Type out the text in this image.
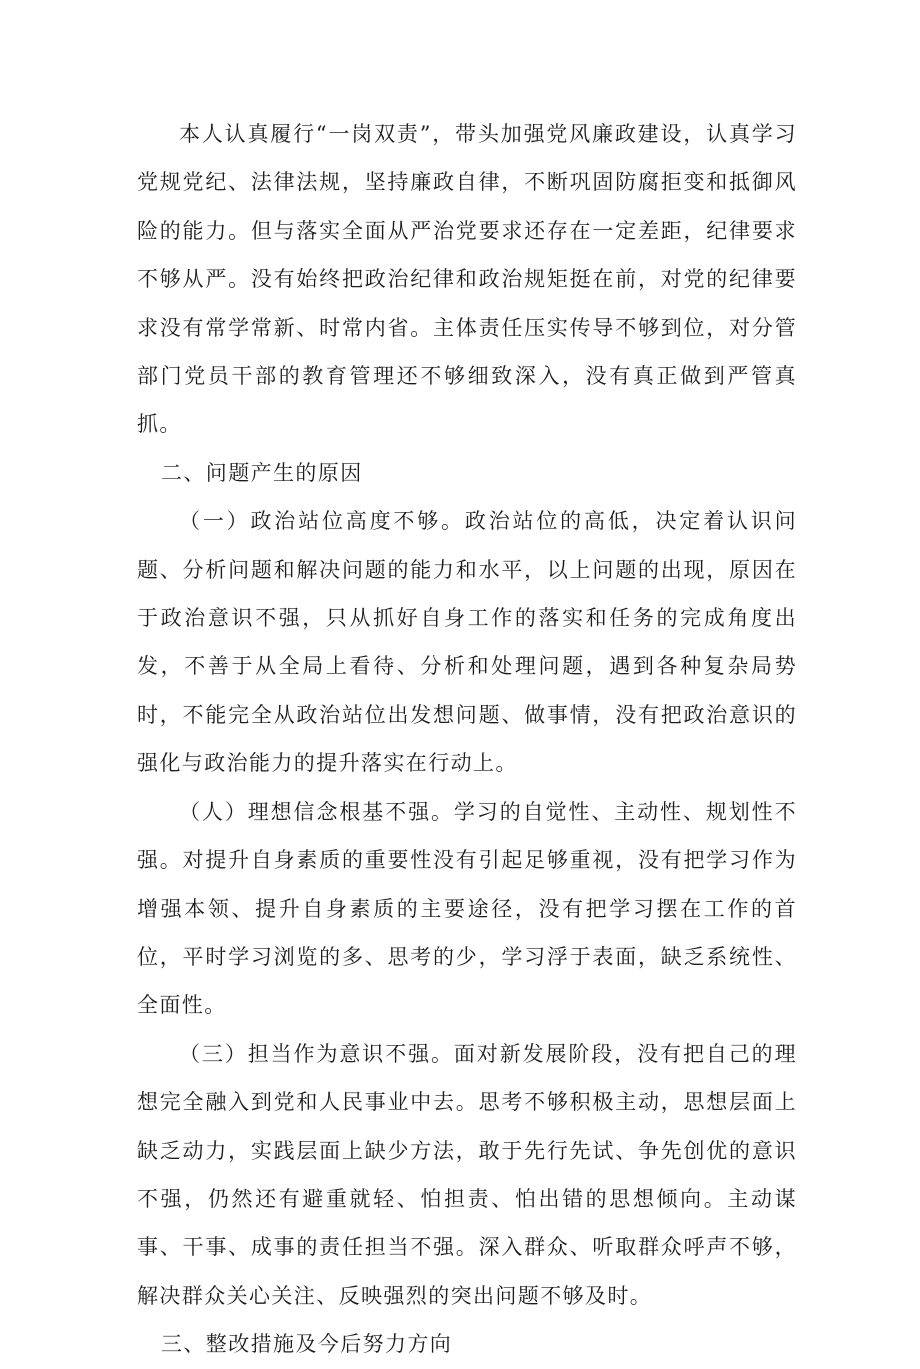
本人认真履行“一岗双责”，带头加强党风廉政建设，认真学习党规党纪、法律法规，坚持廉政自律，不断巩固防腐拒变和抵御风险的能力。但与落实全面从严治党要求还存在一定差距，纪律要求不够从严。没有始终把政治纪律和政治规矩挺在前，对党的纪律要求没有常学常新、时常内省。主体责任压实传导不够到位，对分管部门党员干部的教育管理还不够细致深入，没有真正做到严管真抓。

二、问题产生的原因

（一）政治站位高度不够。政治站位的高低，决定着认识问题、分析问题和解决问题的能力和水平，以上问题的出现，原因在于政治意识不强，只从抓好自身工作的落实和任务的完成角度出发，不善于从全局上看待、分析和处理问题，遇到各种复杂局势时，不能完全从政治站位出发想问题、做事情，没有把政治意识的强化与政治能力的提升落实在行动上。

（人）理想信念根基不强。学习的自觉性、主动性、规划性不强。对提升自身素质的重要性没有引起足够重视，没有把学习作为增强本领、提升自身素质的主要途径，没有把学习摆在工作的首位，平时学习浏览的多、思考的少，学习浮于表面，缺乏系统性、全面性。

（三）担当作为意识不强。面对新发展阶段，没有把自己的理想完全融入到党和人民事业中去。思考不够积极主动，思想层面上缺乏动力，实践层面上缺少方法，敢于先行先试、争先创优的意识不强，仍然还有避重就轻、怕担责、怕出错的思想倾向。主动谋事、干事、成事的责任担当不强。深入群众、听取群众呼声不够，解决群众关心关注、反映强烈的突出问题不够及时。

三、整改措施及今后努力方向
